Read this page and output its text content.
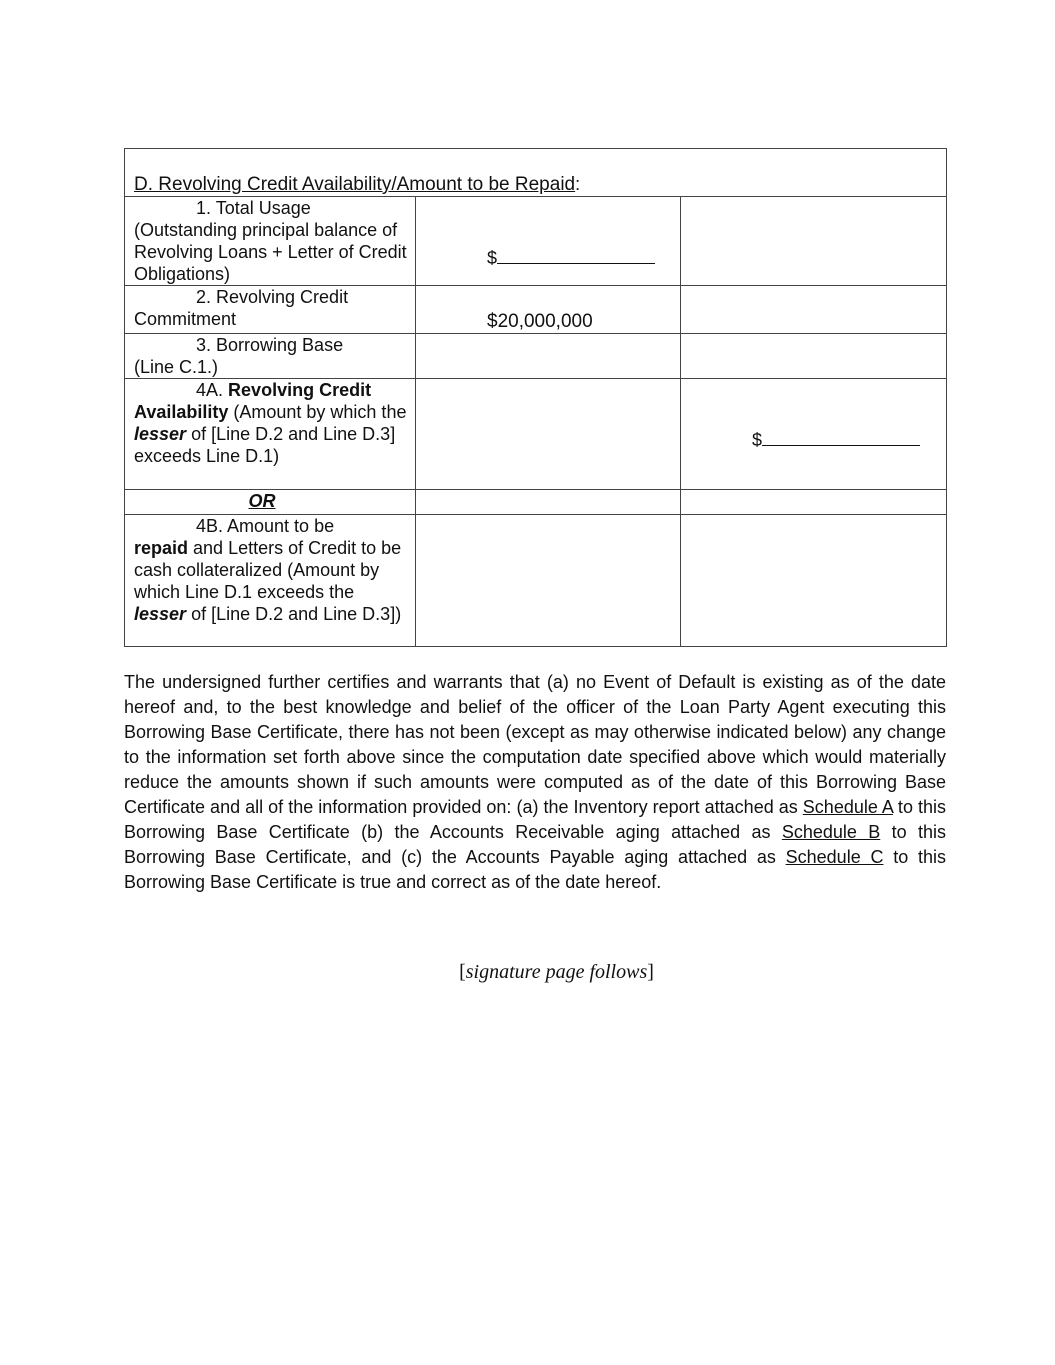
D. Revolving Credit Availability/Amount to be Repaid:		
1. Total Usage
(Outstanding principal balance of Revolving Loans + Letter of Credit Obligations)	$	

2. Revolving Credit
Commitment	$20,000,000	

3. Borrowing Base
(Line C.1.)		
4A. Revolving Credit
Availability (Amount by which the lesser of [Line D.2 and Line D.3] exceeds Line D.1)		$

OR		
4B. Amount to be
repaid and Letters of Credit to be cash collateralized (Amount by which Line D.1 exceeds the lesser of [Line D.2 and Line D.3])		

The undersigned further certifies and warrants that (a) no Event of Default is existing as of the date hereof and, to the best knowledge and belief of the officer of the Loan Party Agent executing this Borrowing Base Certificate, there has not been (except as may otherwise indicated below) any change to the information set forth above since the computation date specified above which would materially reduce the amounts shown if such amounts were computed as of the date of this Borrowing Base Certificate and all of the information provided on: (a) the Inventory report attached as Schedule A to this Borrowing Base Certificate (b) the Accounts Receivable aging attached as Schedule B to this Borrowing Base Certificate, and (c) the Accounts Payable aging attached as Schedule C to this Borrowing Base Certificate is true and correct as of the date hereof.

[signature page follows]
